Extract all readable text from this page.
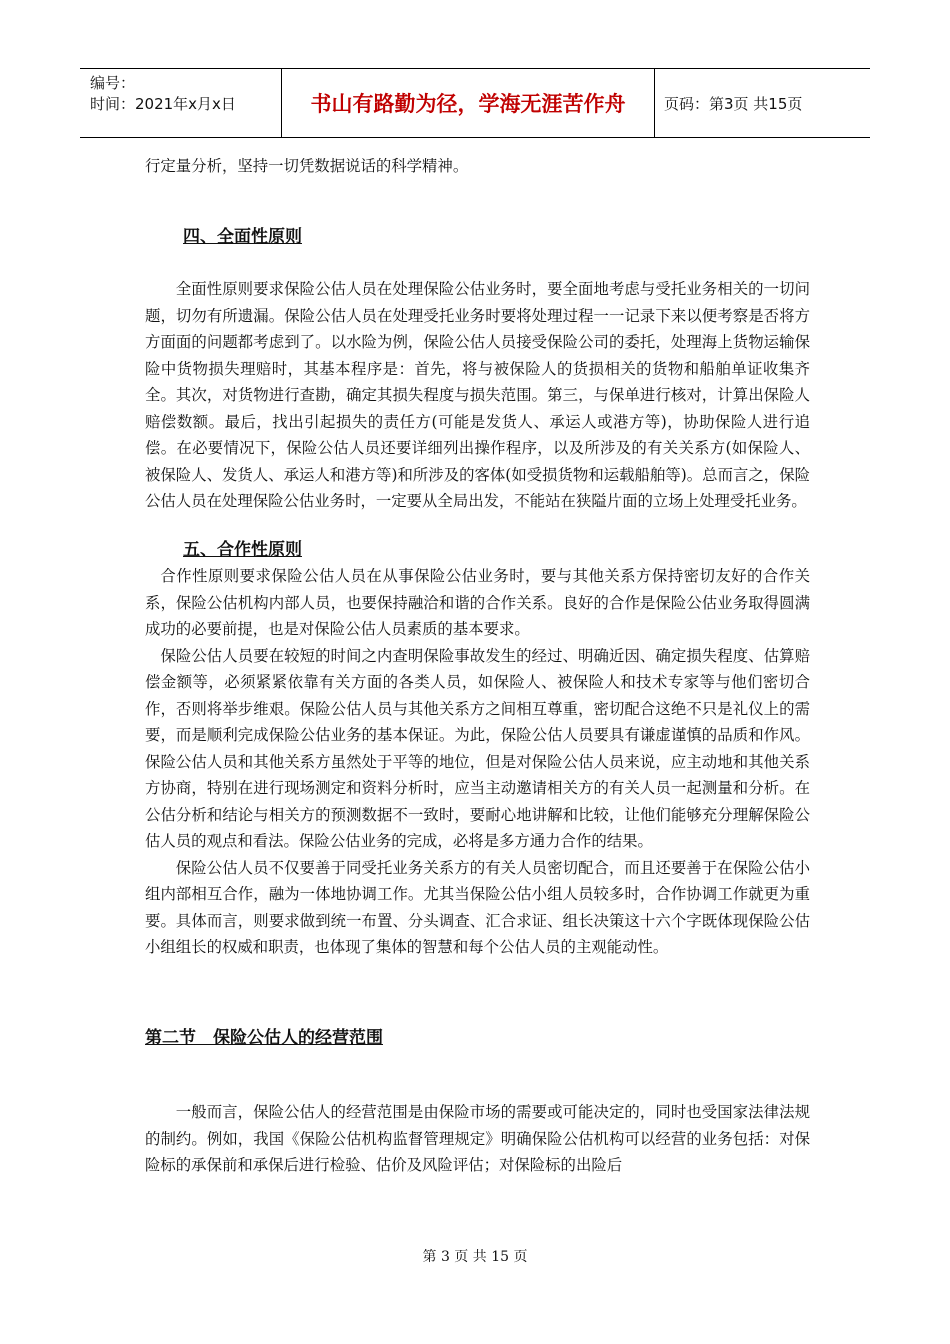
编号：
时间：2021年x月x日	书山有路勤为径，学海无涯苦作舟	页码：第3页 共15页

行定量分析，坚持一切凭数据说话的科学精神。

四、全面性原则

全面性原则要求保险公估人员在处理保险公估业务时，要全面地考虑与受托业务相关的一切问题，切勿有所遗漏。保险公估人员在处理受托业务时要将处理过程一一记录下来以便考察是否将方方面面的问题都考虑到了。以水险为例，保险公估人员接受保险公司的委托，处理海上货物运输保险中货物损失理赔时，其基本程序是：首先，将与被保险人的货损相关的货物和船舶单证收集齐全。其次，对货物进行查勘，确定其损失程度与损失范围。第三，与保单进行核对，计算出保险人赔偿数额。最后，找出引起损失的责任方(可能是发货人、承运人或港方等)，协助保险人进行追偿。在必要情况下，保险公估人员还要详细列出操作程序，以及所涉及的有关关系方(如保险人、被保险人、发货人、承运人和港方等)和所涉及的客体(如受损货物和运载船舶等)。总而言之，保险公估人员在处理保险公估业务时，一定要从全局出发，不能站在狭隘片面的立场上处理受托业务。

五、合作性原则

合作性原则要求保险公估人员在从事保险公估业务时，要与其他关系方保持密切友好的合作关系，保险公估机构内部人员，也要保持融洽和谐的合作关系。良好的合作是保险公估业务取得圆满成功的必要前提，也是对保险公估人员素质的基本要求。

保险公估人员要在较短的时间之内查明保险事故发生的经过、明确近因、确定损失程度、估算赔偿金额等，必须紧紧依靠有关方面的各类人员，如保险人、被保险人和技术专家等与他们密切合作，否则将举步维艰。保险公估人员与其他关系方之间相互尊重，密切配合这绝不只是礼仪上的需要，而是顺利完成保险公估业务的基本保证。为此，保险公估人员要具有谦虚谨慎的品质和作风。保险公估人员和其他关系方虽然处于平等的地位，但是对保险公估人员来说，应主动地和其他关系方协商，特别在进行现场测定和资料分析时，应当主动邀请相关方的有关人员一起测量和分析。在公估分析和结论与相关方的预测数据不一致时，要耐心地讲解和比较，让他们能够充分理解保险公估人员的观点和看法。保险公估业务的完成，必将是多方通力合作的结果。

保险公估人员不仅要善于同受托业务关系方的有关人员密切配合，而且还要善于在保险公估小组内部相互合作，融为一体地协调工作。尤其当保险公估小组人员较多时，合作协调工作就更为重要。具体而言，则要求做到统一布置、分头调查、汇合求证、组长决策这十六个字既体现保险公估小组组长的权威和职责，也体现了集体的智慧和每个公估人员的主观能动性。

第二节　保险公估人的经营范围

一般而言，保险公估人的经营范围是由保险市场的需要或可能决定的，同时也受国家法律法规的制约。例如，我国《保险公估机构监督管理规定》明确保险公估机构可以经营的业务包括：对保险标的承保前和承保后进行检验、估价及风险评估；对保险标的出险后

第 3 页 共 15 页
